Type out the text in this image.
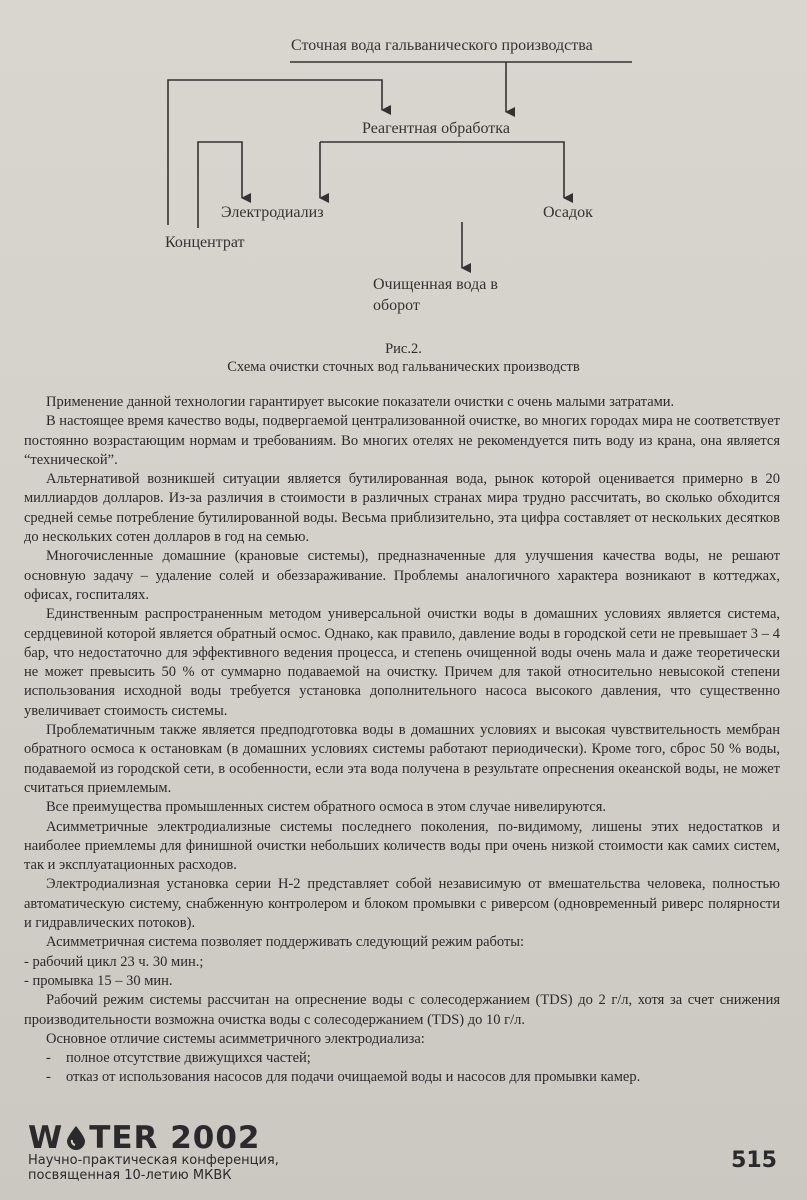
Сточная вода гальванического производства
Реагентная обработка
Электродиализ	Осадок
Концентрат
Очищенная вода в
оборот
Рис.2.
Схема очистки сточных вод гальванических производств

Применение данной технологии гарантирует высокие показатели очистки с очень малыми затратами.

В настоящее время качество воды, подвергаемой централизованной очистке, во многих городах мира не соответствует постоянно возрастающим нормам и требованиям. Во многих отелях не рекомендуется пить воду из крана, она является “технической”.

Альтернативой возникшей ситуации является бутилированная вода, рынок которой оценивается примерно в 20 миллиардов долларов. Из-за различия в стоимости в различных странах мира трудно рассчитать, во сколько обходится средней семье потребление бутилированной воды. Весьма приблизительно, эта цифра составляет от нескольких десятков до нескольких сотен долларов в год на семью.

Многочисленные домашние (крановые системы), предназначенные для улучшения качества воды, не решают основную задачу – удаление солей и обеззараживание. Проблемы аналогичного характера возникают в коттеджах, офисах, госпиталях.

Единственным распространенным методом универсальной очистки воды в домашних условиях является система, сердцевиной которой является обратный осмос. Однако, как правило, давление воды в городской сети не превышает 3 – 4 бар, что недостаточно для эффективного ведения процесса, и степень очищенной воды очень мала и даже теоретически не может превысить 50 % от суммарно подаваемой на очистку. Причем для такой относительно невысокой степени использования исходной воды требуется установка дополнительного насоса высокого давления, что существенно увеличивает стоимость системы.

Проблематичным также является предподготовка воды в домашних условиях и высокая чувствительность мембран обратного осмоса к остановкам (в домашних условиях системы работают периодически). Кроме того, сброс 50 % воды, подаваемой из городской сети, в особенности, если эта вода получена в результате опреснения океанской воды, не может считаться приемлемым.

Все преимущества промышленных систем обратного осмоса в этом случае нивелируются.

Асимметричные электродиализные системы последнего поколения, по-видимому, лишены этих недостатков и наиболее приемлемы для финишной очистки небольших количеств воды при очень низкой стоимости как самих систем, так и эксплуатационных расходов.

Электродиализная установка серии Н-2 представляет собой независимую от вмешательства человека, полностью автоматическую систему, снабженную контролером и блоком промывки с риверсом (одновременный риверс полярности и гидравлических потоков).

Асимметричная система позволяет поддерживать следующий режим работы:

- рабочий цикл 23 ч. 30 мин.;

- промывка 15 – 30 мин.

Рабочий режим системы рассчитан на опреснение воды с солесодержанием (TDS) до 2 г/л, хотя за счет снижения производительности возможна очистка воды с солесодержанием (TDS) до 10 г/л.

Основное отличие системы асимметричного электродиализа:

- полное отсутствие движущихся частей;
- отказ от использования насосов для подачи очищаемой воды и насосов для промывки камер.
W TER 2002
Научно-практическая конференция,
посвященная 10-летию МКВК
515
